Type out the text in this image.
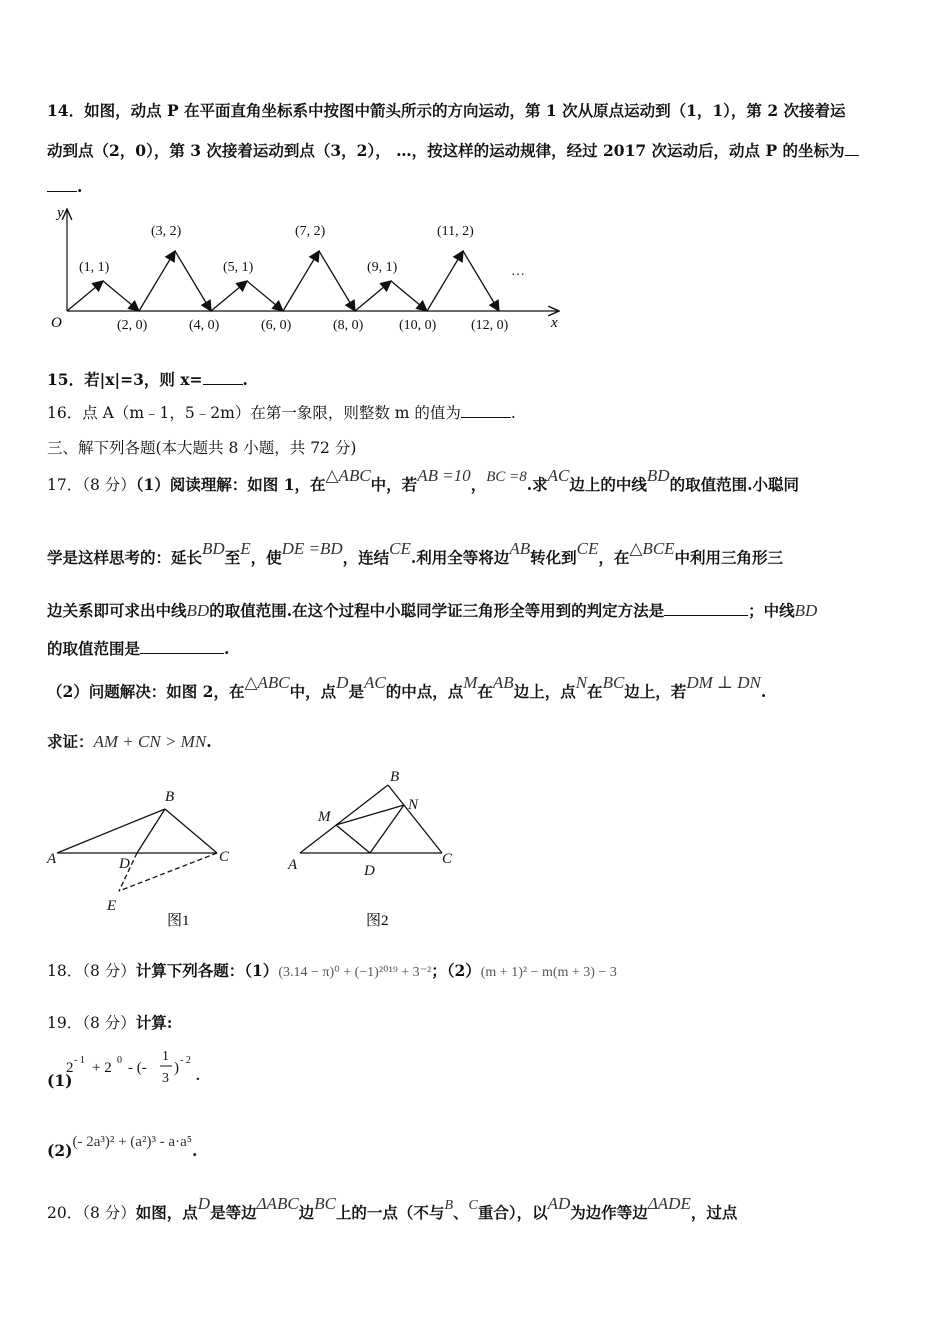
14．如图，动点 P 在平面直角坐标系中按图中箭头所示的方向运动，第 1 次从原点运动到（1，1），第 2 次接着运
动到点（2，0），第 3 次接着运动到点（3，2）， …，按这样的运动规律，经过 2017 次运动后，动点 P 的坐标为
.
y
x
O
(1, 1)
(3, 2)
(5, 1)
(7, 2)
(9, 1)
(11, 2)
…
(2, 0)	(4, 0)	(6, 0)	(8, 0)	(10, 0) (12, 0)
15．若|x|=3，则 x=	.
16．点 A（m﹣1，5﹣2m）在第一象限，则整数 m 的值为	.
三、解下列各题(本大题共 8 小题，共 72 分)
17．（8 分）（1）阅读理解：如图 1，在△ABC中，若AB =10，BC =8.求AC边上的中线BD的取值范围.小聪同
学是这样思考的：延长BD至E，使DE =BD，连结CE.利用全等将边AB转化到CE，在△BCE中利用三角形三
边关系即可求出中线BD的取值范围.在这个过程中小聪同学证三角形全等用到的判定方法是	；中线BD
的取值范围是	.
（2）问题解决：如图 2，在△ABC中，点D是AC的中点，点M在AB边上，点N在BC边上，若DM ⊥ DN.
求证：AM + CN > MN.
A
B
C
D
E
图1
A
B
C
D
M
N
图2
18．（8 分）计算下列各题：（1）(3.14 − π)⁰ + (−1)²⁰¹⁹ + 3⁻²；（2）(m + 1)² − m(m + 3) − 3
19．（8 分）计算:
(1)
2 - 1 + 2 0 - (-
1
3
) - 2
.
(2)(- 2a³)² + (a²)³ - a·a⁵.
20．（8 分）如图，点D是等边ΔABC边BC上的一点（不与B、C重合），以AD为边作等边ΔADE，过点
